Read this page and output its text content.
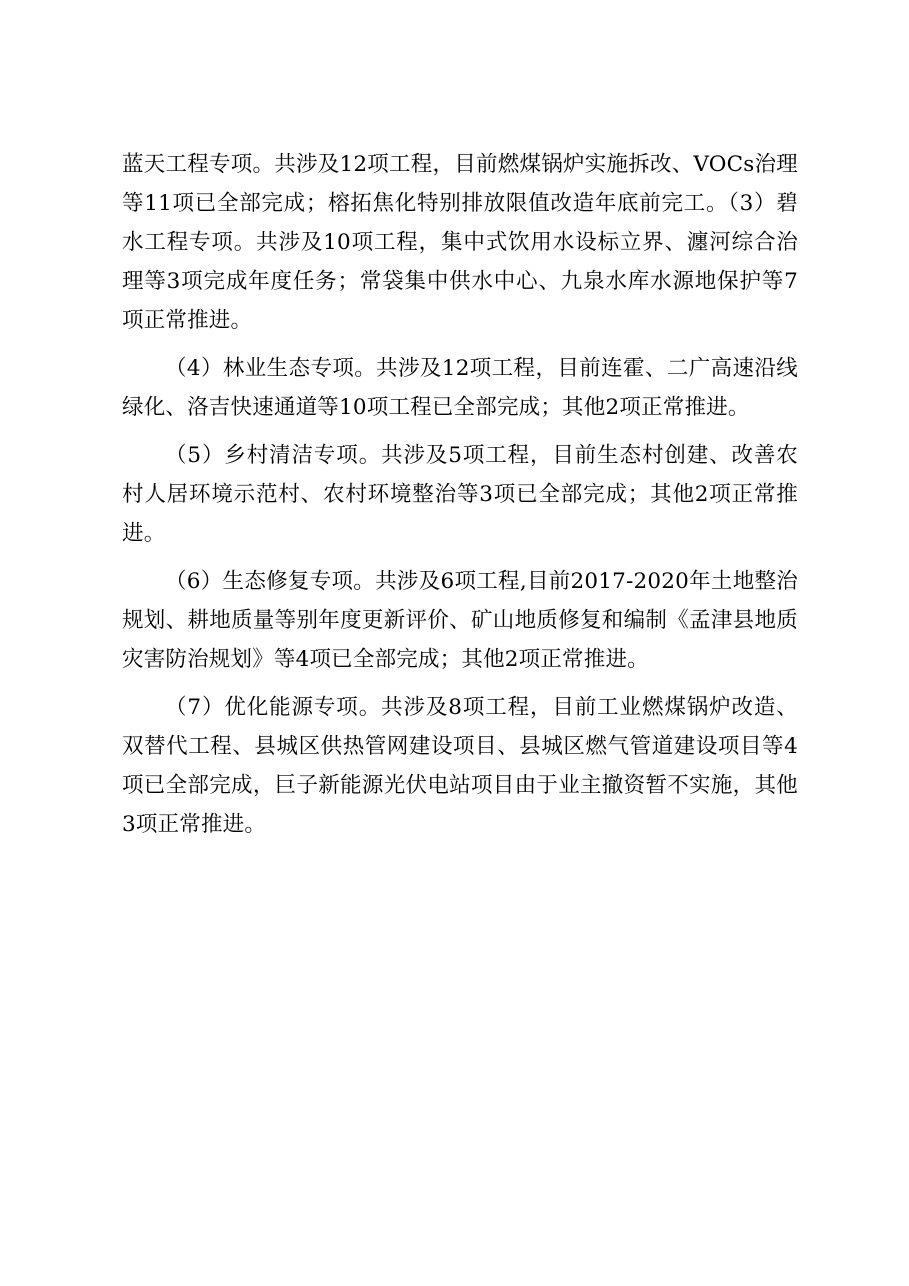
蓝天工程专项。共涉及12项工程，目前燃煤锅炉实施拆改、VOCs治理等11项已全部完成；榕拓焦化特别排放限值改造年底前完工。（3）碧水工程专项。共涉及10项工程，集中式饮用水设标立界、瀍河综合治理等3项完成年度任务；常袋集中供水中心、九泉水库水源地保护等7项正常推进。

（4）林业生态专项。共涉及12项工程，目前连霍、二广高速沿线绿化、洛吉快速通道等10项工程已全部完成；其他2项正常推进。

（5）乡村清洁专项。共涉及5项工程，目前生态村创建、改善农村人居环境示范村、农村环境整治等3项已全部完成；其他2项正常推进。

（6）生态修复专项。共涉及6项工程,目前2017-2020年土地整治规划、耕地质量等别年度更新评价、矿山地质修复和编制《孟津县地质灾害防治规划》等4项已全部完成；其他2项正常推进。

（7）优化能源专项。共涉及8项工程，目前工业燃煤锅炉改造、双替代工程、县城区供热管网建设项目、县城区燃气管道建设项目等4项已全部完成，巨子新能源光伏电站项目由于业主撤资暂不实施，其他3项正常推进。
